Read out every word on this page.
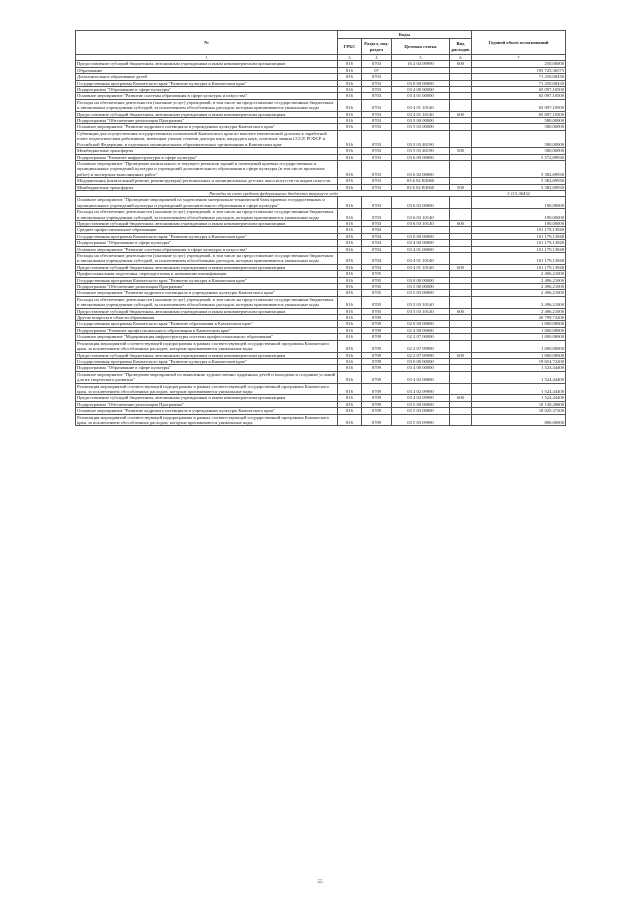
№	Коды				Годовой объем ассигнований
	ГРБС	Раздел, под-раздел	Целевая статья	Вид расходов	
1	3	4	5	6	7
Предоставление субсидий бюджетным, автономным учреждениям и иным некоммерческим организациям	816	0703	16 2 04 09990	600	250,00000
Образование	816	07			195 725,36575
Дополнительное образование детей	816	0703			71 250,00430
Государственная программа Камчатского края "Развитие культуры в Камчатском крае"	816	0703	03 0 00 00000		71 250,00430
Подпрограмма "Образование в сфере культуры"	816	0703	03 4 00 00000		65 097,10500
Основное мероприятие "Развитие системы образования в сфере культуры и искусства"	816	0703	03 4 01 00000		65 097,10500
Расходы на обеспечение деятельности (оказание услуг) учреждений, в том числе на предоставление государственным бюджетным и автономным учреждениям субсидий, за исключением обособленных расходов, которым присваиваются уникальные коды	816	0703	03 4 01 10140		65 097,10500
Предоставление субсидий бюджетным, автономным учреждениям и иным некоммерческим организациям	816	0703	03 4 01 10140	600	65 097,10500
Подпрограмма "Обеспечение реализации Программы"	816	0703	03 5 00 00000		580,00000
Основное мероприятие "Развитие кадрового потенциала в учреждениях культуры Камчатского края"	816	0703	03 5 03 00000		580,00000
Субвенции для осуществления государственных полномочий Камчатского края по выплате ежемесячной доплаты к заработной плате педагогическим работникам, имеющим ученые степени доктора наук, кандидата наук, почетные звания СССР, РСФСР и Российской Федерации, в отдельных муниципальных образовательных организациях в Камчатском крае	816	0703	03 5 03 40190		580,00000
Межбюджетные трансферты	816	0703	03 5 03 40190	500	580,00000
Подпрограмма "Развитие инфраструктуры в сфере культуры"	816	0703	03 6 00 00000		5 572,89930
Основное мероприятие "Проведение капитального и текущего ремонтов зданий и помещений краевых государственных и муниципальных учреждений культуры и учреждений дополнительного образования в сфере культуры (в том числе проектных работ) и экспертиза выполненных работ"	816	0703	03 6 02 00000		5 382,69930
Модернизация (капитальный ремонт, реконструкция) региональных и муниципальных детских школ искусств по видам искусств	816	0703	03 6 02 R3060		5 382,69930
Межбюджетные трансферты	816	0703	03 6 02 R3060	500	5 382,69930
Расходы за счет средств федерального бюджета текущего года					3 113,36432
Основное мероприятие "Проведение мероприятий по укреплению материально-технической базы краевых государственных и муниципальных учреждений культуры и учреждений дополнительного образования в сфере культуры"	816	0703	03 6 03 00000		190,00000
Расходы на обеспечение деятельности (оказание услуг) учреждений, в том числе на предоставление государственным бюджетным и автономным учреждениям субсидий, за исключением обособленных расходов, которым присваиваются уникальные коды	816	0703	03 6 03 10140		190,00000
Предоставление субсидий бюджетным, автономным учреждениям и иным некоммерческим организациям	816	0703	03 6 03 10140	600	190,00000
Среднее профессиональное образование	816	0704			101 179,13948
Государственная программа Камчатского края "Развитие культуры в Камчатском крае"	816	0704	03 0 00 00000		101 179,13948
Подпрограмма "Образование в сфере культуры"	816	0704	03 4 00 00000		101 179,13948
Основное мероприятие "Развитие системы образования в сфере культуры и искусства"	816	0704	03 4 01 00000		101 179,13948
Расходы на обеспечение деятельности (оказание услуг) учреждений, в том числе на предоставление государственным бюджетным и автономным учреждениям субсидий, за исключением обособленных расходов, которым присваиваются уникальные коды	816	0704	03 4 01 10140		101 179,13948
Предоставление субсидий бюджетным, автономным учреждениям и иным некоммерческим организациям	816	0704	03 4 01 10140	600	101 179,13948
Профессиональная подготовка, переподготовка и повышение квалификации	816	0705			2 496,21000
Государственная программа Камчатского края "Развитие культуры в Камчатском крае"	816	0705	03 0 00 00000		2 496,21000
Подпрограмма "Обеспечение реализации Программы"	816	0705	03 5 00 00000		2 496,21000
Основное мероприятие "Развитие кадрового потенциала в учреждениях культуры Камчатского края"	816	0705	03 5 03 00000		2 496,21000
Расходы на обеспечение деятельности (оказание услуг) учреждений, в том числе на предоставление государственным бюджетным и автономным учреждениям субсидий, за исключением обособленных расходов, которым присваиваются уникальные коды	816	0705	03 5 03 10140		2 496,21000
Предоставление субсидий бюджетным, автономным учреждениям и иным некоммерческим организациям	816	0705	03 5 03 10140	600	2 496,21000
Другие вопросы в области образования	816	0709			20 799,72200
Государственная программа Камчатского края "Развитие образования в Камчатском крае"	816	0709	02 0 00 00000		1 000,00000
Подпрограмма "Развитие профессионального образования в Камчатском крае"	816	0709	02 2 00 00000		1 000,00000
Основное мероприятие "Модернизация инфраструктуры системы профессионального образования"	816	0709	02 2 07 00000		1 000,00000
Реализация мероприятий соответствующей подпрограммы в рамках соответствующей государственной программы Камчатского края, за исключением обособленных расходов, которым присваиваются уникальные коды	816	0709	02 2 07 09990		1 000,00000
Предоставление субсидий бюджетным, автономным учреждениям и иным некоммерческим организациям	816	0709	02 2 07 09990	600	1 000,00000
Государственная программа Камчатского края "Развитие культуры в Камчатском крае"	816	0709	03 0 00 00000		19 654,72200
Подпрограмма "Образование в сфере культуры"	816	0709	03 4 00 00000		1 524,44400
Основное мероприятие "Проведение мероприятий по выявлению художественно одаренных детей и молодежи и созданию условий для их творческого развития"	816	0709	03 4 02 00000		1 524,44400
Реализация мероприятий соответствующей подпрограммы в рамках соответствующей государственной программы Камчатского края, за исключением обособленных расходов, которым присваиваются уникальные коды	816	0709	03 4 02 09990		1 524,44400
Предоставление субсидий бюджетным, автономным учреждениям и иным некоммерческим организациям	816	0709	03 4 02 09990	600	1 524,44400
Подпрограмма "Обеспечение реализации Программы"	816	0709	03 5 00 00000		18 130,28800
Основное мероприятие "Развитие кадрового потенциала в учреждениях культуры Камчатского края"	816	0709	03 5 03 00000		18 025,37200
Реализация мероприятий соответствующей подпрограммы в рамках соответствующей государственной программы Камчатского края, за исключением обособленных расходов, которым присваиваются уникальные коды	816	0709	03 5 03 09990		800,00000
55
